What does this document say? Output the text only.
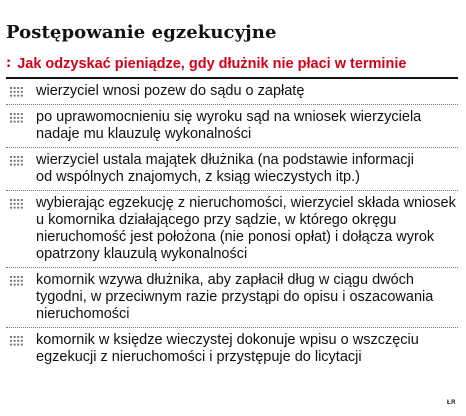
Postępowanie egzekucyjne
: Jak odzyskać pieniądze, gdy dłużnik nie płaci w terminie
wierzyciel wnosi pozew do sądu o zapłatę
po uprawomocnieniu się wyroku sąd na wniosek wierzyciela
nadaje mu klauzulę wykonalności
wierzyciel ustala majątek dłużnika (na podstawie informacji
od wspólnych znajomych, z ksiąg wieczystych itp.)
wybierając egzekucję z nieruchomości, wierzyciel składa wniosek
u komornika działającego przy sądzie, w którego okręgu
nieruchomość jest położona (nie ponosi opłat) i dołącza wyrok
opatrzony klauzulą wykonalności
komornik wzywa dłużnika, aby zapłacił dług w ciągu dwóch
tygodni, w przeciwnym razie przystąpi do opisu i oszacowania
nieruchomości
komornik w księdze wieczystej dokonuje wpisu o wszczęciu
egzekucji z nieruchomości i przystępuje do licytacji
ŁR
